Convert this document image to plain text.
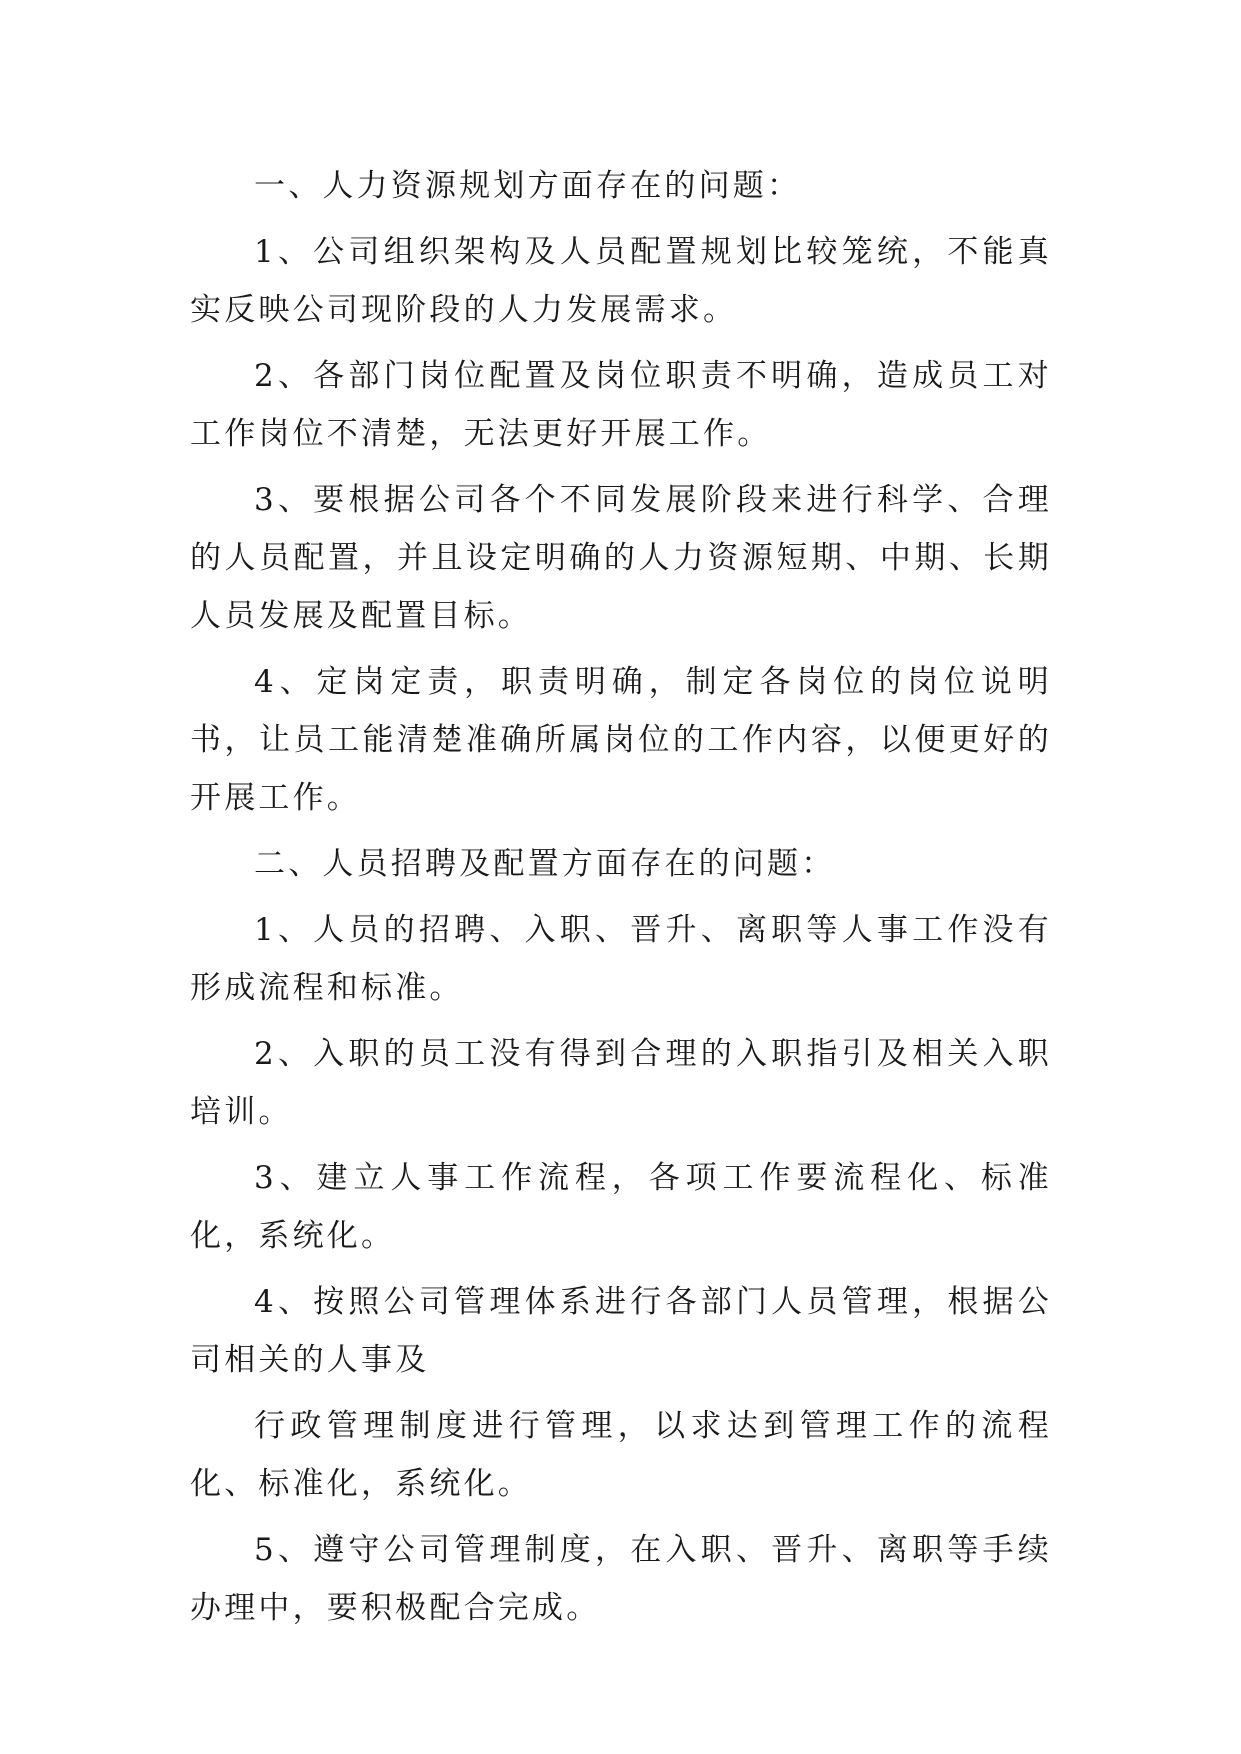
一、人力资源规划方面存在的问题：

1、公司组织架构及人员配置规划比较笼统，不能真实反映公司现阶段的人力发展需求。

2、各部门岗位配置及岗位职责不明确，造成员工对工作岗位不清楚，无法更好开展工作。

3、要根据公司各个不同发展阶段来进行科学、合理的人员配置，并且设定明确的人力资源短期、中期、长期人员发展及配置目标。

4、定岗定责，职责明确，制定各岗位的岗位说明书，让员工能清楚准确所属岗位的工作内容，以便更好的开展工作。

二、人员招聘及配置方面存在的问题：

1、人员的招聘、入职、晋升、离职等人事工作没有形成流程和标准。

2、入职的员工没有得到合理的入职指引及相关入职培训。

3、建立人事工作流程，各项工作要流程化、标准化，系统化。

4、按照公司管理体系进行各部门人员管理，根据公司相关的人事及

行政管理制度进行管理，以求达到管理工作的流程化、标准化，系统化。

5、遵守公司管理制度，在入职、晋升、离职等手续办理中，要积极配合完成。
